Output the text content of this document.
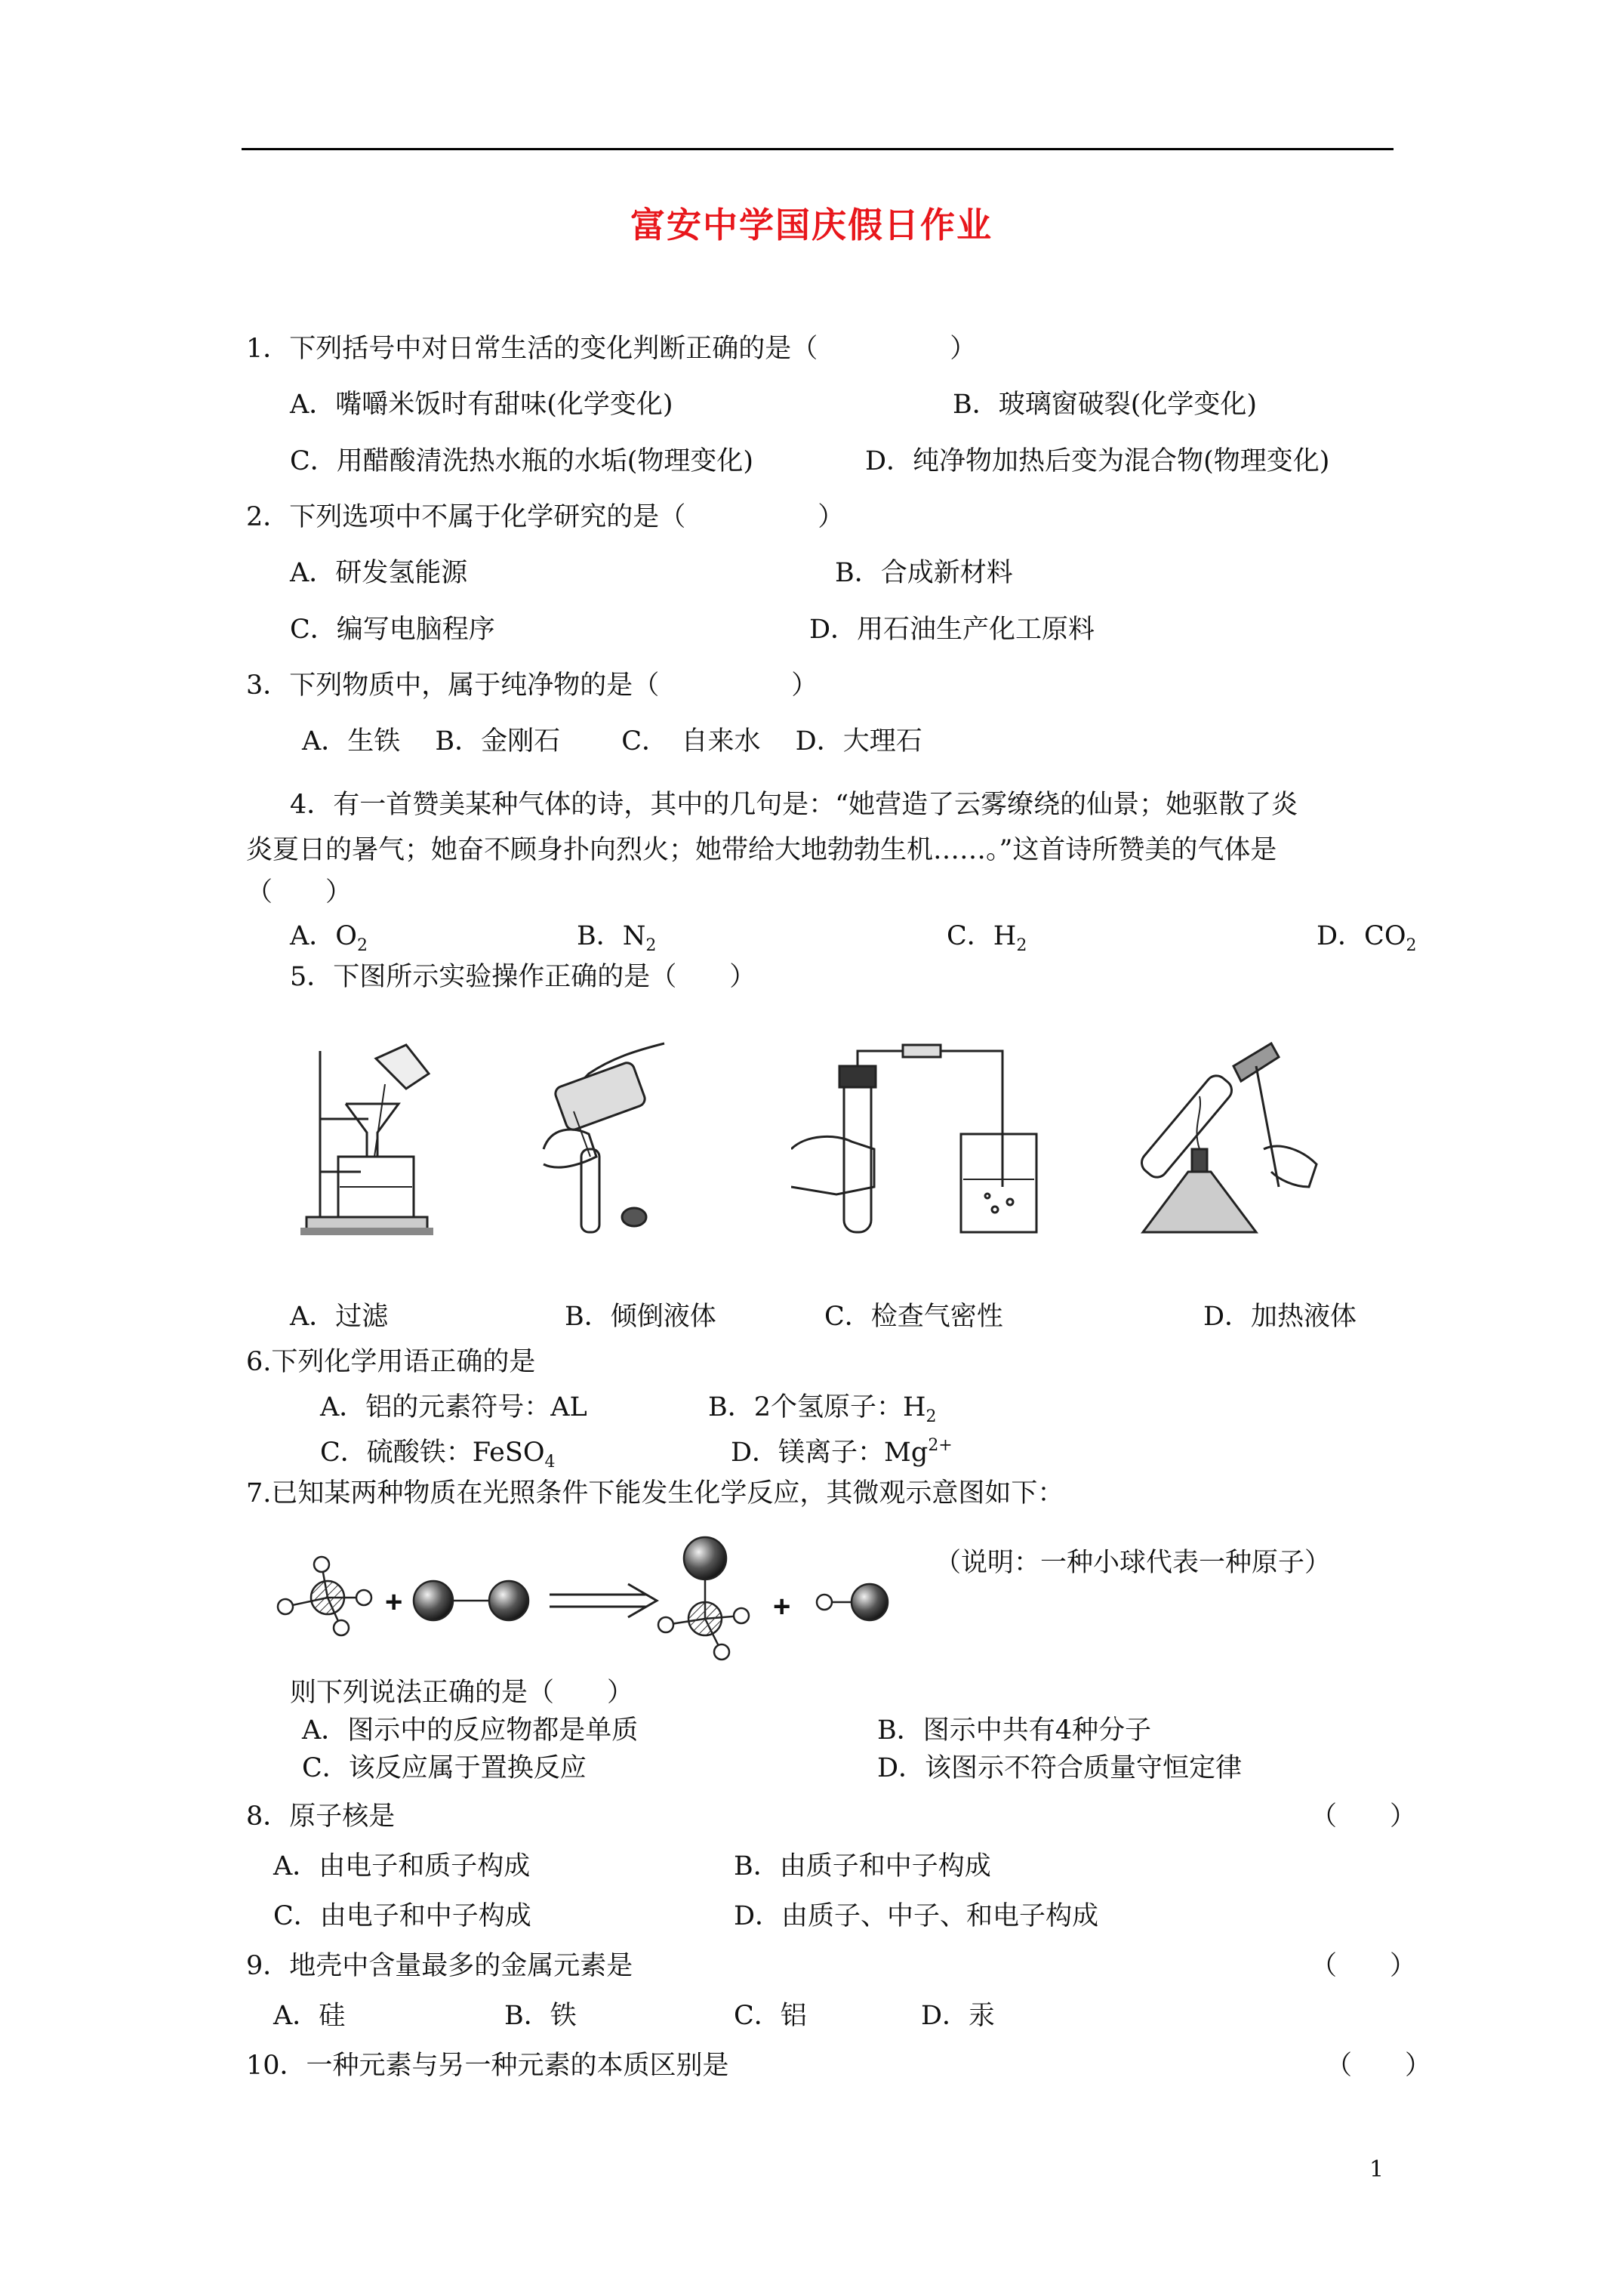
富安中学国庆假日作业
1．下列括号中对日常生活的变化判断正确的是（　　　　　）
A．嘴嚼米饭时有甜味(化学变化)	B．玻璃窗破裂(化学变化)
C．用醋酸清洗热水瓶的水垢(物理变化)	D．纯净物加热后变为混合物(物理变化)
2．下列选项中不属于化学研究的是（　　　　　）
A．研发氢能源	B．合成新材料
C．编写电脑程序	D．用石油生产化工原料
3．下列物质中，属于纯净物的是（　　　　　）
A．生铁　 B．金刚石　　 C．　自来水　 D．大理石
4．有一首赞美某种气体的诗，其中的几句是：“她营造了云雾缭绕的仙景；她驱散了炎
炎夏日的暑气；她奋不顾身扑向烈火；她带给大地勃勃生机……。”这首诗所赞美的气体是
（　　）
A．$O_2$	B．$N_2$	C．$H_2$	D．$CO_2$
5．下图所示实验操作正确的是（　　）
A．过滤	B．倾倒液体	C．检查气密性	D．加热液体
6.下列化学用语正确的是
A．铝的元素符号：AL	B．2个氢原子：$H_2$
C．硫酸铁：FeSO$_4$	D．镁离子：$Mg^{2+}$
7.已知某两种物质在光照条件下能发生化学反应，其微观示意图如下：
+	+
（说明：一种小球代表一种原子）
则下列说法正确的是（　　）
A．图示中的反应物都是单质	B．图示中共有4种分子
C．该反应属于置换反应	D．该图示不符合质量守恒定律
8．原子核是	（　　）
A．由电子和质子构成	B．由质子和中子构成
C．由电子和中子构成	D．由质子、中子、和电子构成
9．地壳中含量最多的金属元素是	（　　）
A．硅	B．铁	C．铝	D．汞
10．一种元素与另一种元素的本质区别是	（　　）
1
